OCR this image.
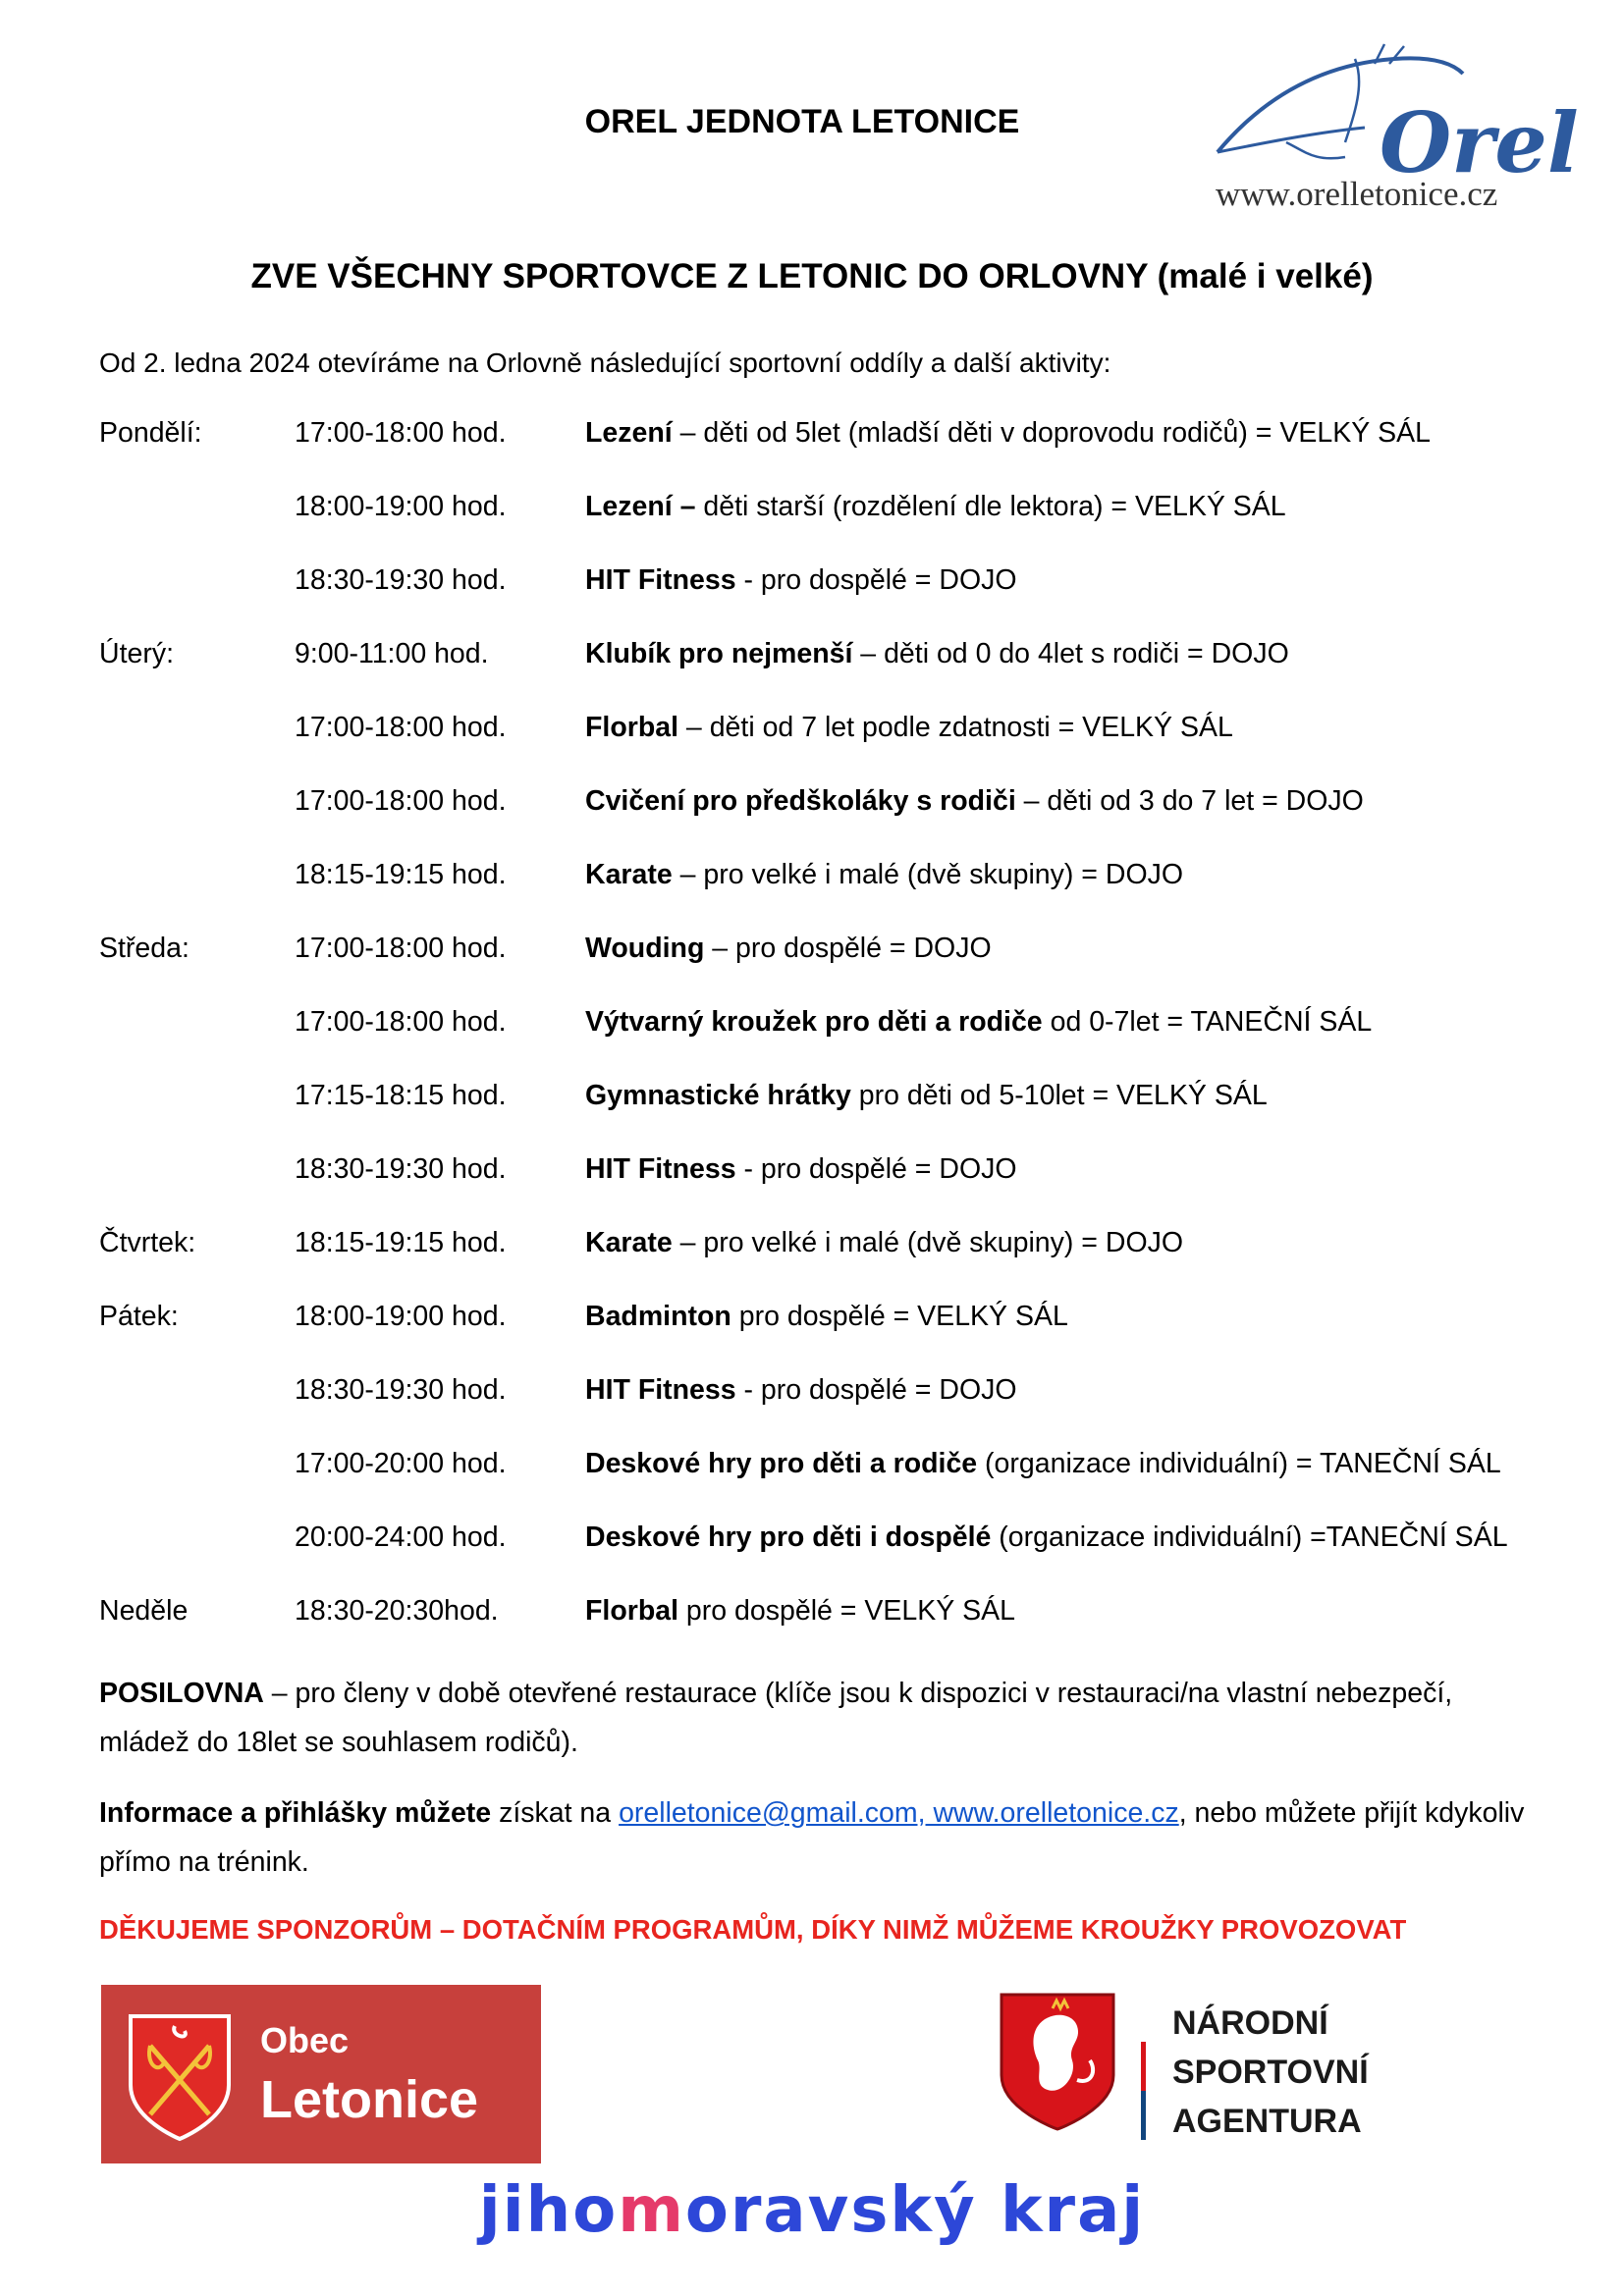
OREL JEDNOTA LETONICE	Orel
www.orelletonice.cz
ZVE VŠECHNY SPORTOVCE Z LETONIC DO ORLOVNY (malé i velké)
Od 2. ledna 2024 otevíráme na Orlovně následující sportovní oddíly a další aktivity:
Pondělí:	17:00-18:00 hod.	Lezení – děti od 5let (mladší děti v doprovodu rodičů) = VELKÝ SÁL
18:00-19:00 hod.	Lezení – děti starší (rozdělení dle lektora) = VELKÝ SÁL
18:30-19:30 hod.	HIT Fitness - pro dospělé = DOJO
Úterý:	9:00-11:00 hod.	Klubík pro nejmenší – děti od 0 do 4let s rodiči = DOJO
17:00-18:00 hod.	Florbal – děti od 7 let podle zdatnosti = VELKÝ SÁL
17:00-18:00 hod.	Cvičení pro předškoláky s rodiči – děti od 3 do 7 let = DOJO
18:15-19:15 hod.	Karate – pro velké i malé (dvě skupiny) = DOJO
Středa:	17:00-18:00 hod.	Wouding – pro dospělé = DOJO
17:00-18:00 hod.	Výtvarný kroužek pro děti a rodiče od 0-7let = TANEČNÍ SÁL
17:15-18:15 hod.	Gymnastické hrátky pro děti od 5-10let = VELKÝ SÁL
18:30-19:30 hod.	HIT Fitness - pro dospělé = DOJO
Čtvrtek:	18:15-19:15 hod.	Karate – pro velké i malé (dvě skupiny) = DOJO
Pátek:	18:00-19:00 hod.	Badminton pro dospělé = VELKÝ SÁL
18:30-19:30 hod.	HIT Fitness - pro dospělé = DOJO
17:00-20:00 hod.	Deskové hry pro děti a rodiče (organizace individuální) = TANEČNÍ SÁL
20:00-24:00 hod.	Deskové hry pro děti i dospělé (organizace individuální) =TANEČNÍ SÁL
Neděle	18:30-20:30hod.	Florbal pro dospělé = VELKÝ SÁL
POSILOVNA – pro členy v době otevřené restaurace (klíče jsou k dispozici v restauraci/na vlastní nebezpečí, mládež do 18let se souhlasem rodičů).
Informace a přihlášky můžete získat na orelletonice@gmail.com, www.orelletonice.cz, nebo můžete přijít kdykoliv přímo na trénink.
DĚKUJEME SPONZORŮM – DOTAČNÍM PROGRAMŮM, DÍKY NIMŽ MŮŽEME KROUŽKY PROVOZOVAT
Obec
Letonice
NÁRODNÍ
SPORTOVNÍ
AGENTURA
jihomoravský kraj
